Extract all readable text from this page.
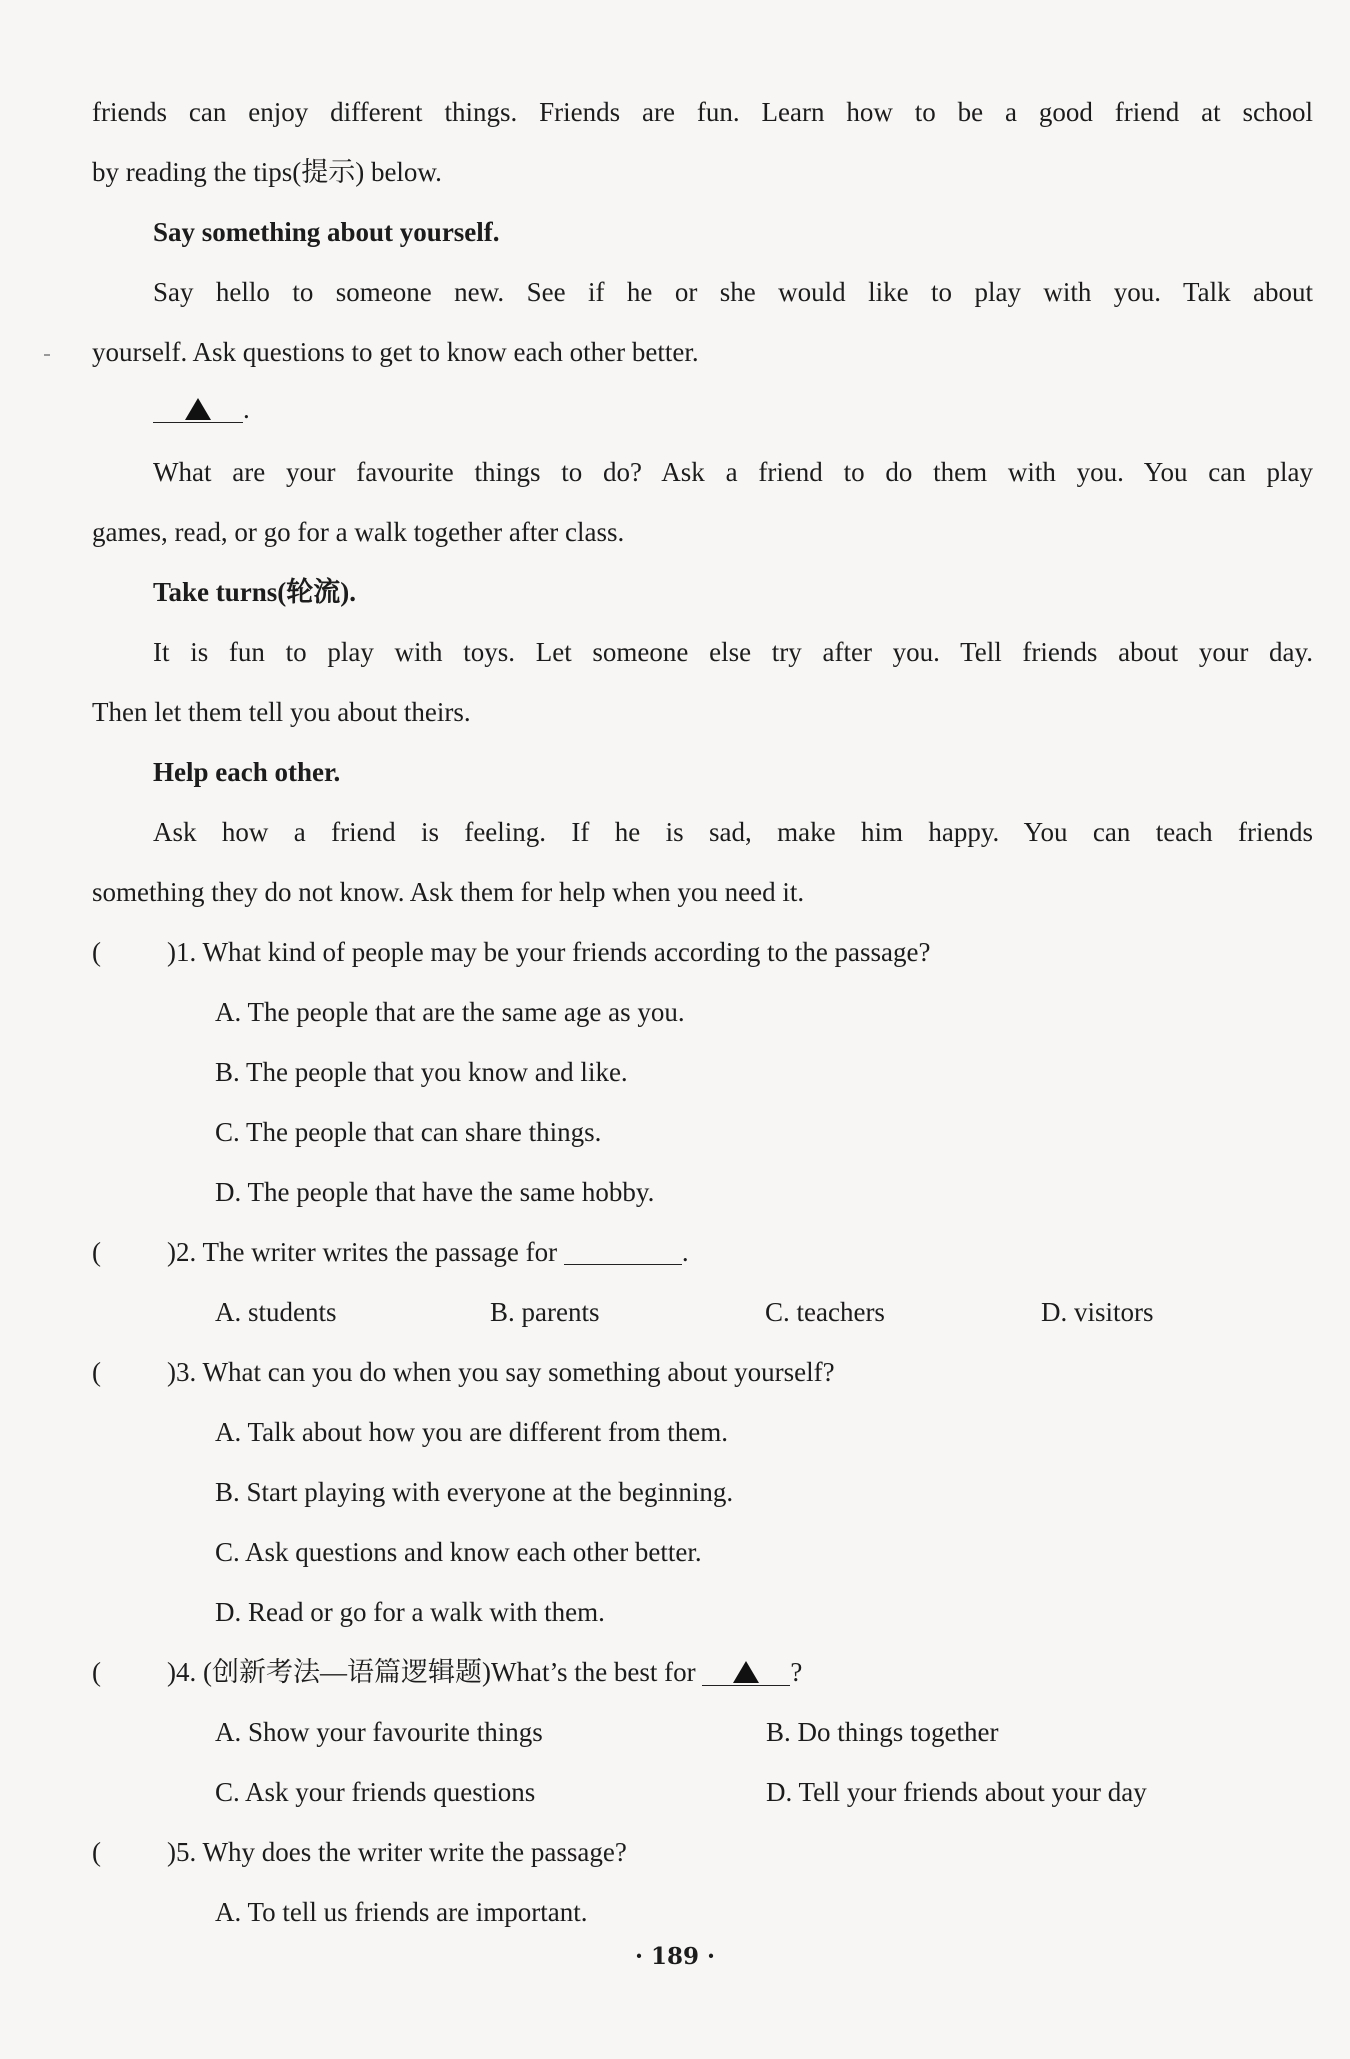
friends can enjoy different things. Friends are fun. Learn how to be a good friend at school
by reading the tips(提示) below.
Say something about yourself.
Say hello to someone new. See if he or she would like to play with you. Talk about
yourself. Ask questions to get to know each other better.
.
What are your favourite things to do? Ask a friend to do them with you. You can play
games, read, or go for a walk together after class.
Take turns(轮流).
It is fun to play with toys. Let someone else try after you. Tell friends about your day.
Then let them tell you about theirs.
Help each other.
Ask how a friend is feeling. If he is sad, make him happy. You can teach friends
something they do not know. Ask them for help when you need it.
( )1. What kind of people may be your friends according to the passage?
A. The people that are the same age as you.
B. The people that you know and like.
C. The people that can share things.
D. The people that have the same hobby.
( )2. The writer writes the passage for	.
A. students	B. parents	C. teachers	D. visitors
( )3. What can you do when you say something about yourself?
A. Talk about how you are different from them.
B. Start playing with everyone at the beginning.
C. Ask questions and know each other better.
D. Read or go for a walk with them.
( )4. (创新考法—语篇逻辑题)What’s the best for	?
A. Show your favourite things	B. Do things together
C. Ask your friends questions	D. Tell your friends about your day
( )5. Why does the writer write the passage?
A. To tell us friends are important.
· 189 ·
